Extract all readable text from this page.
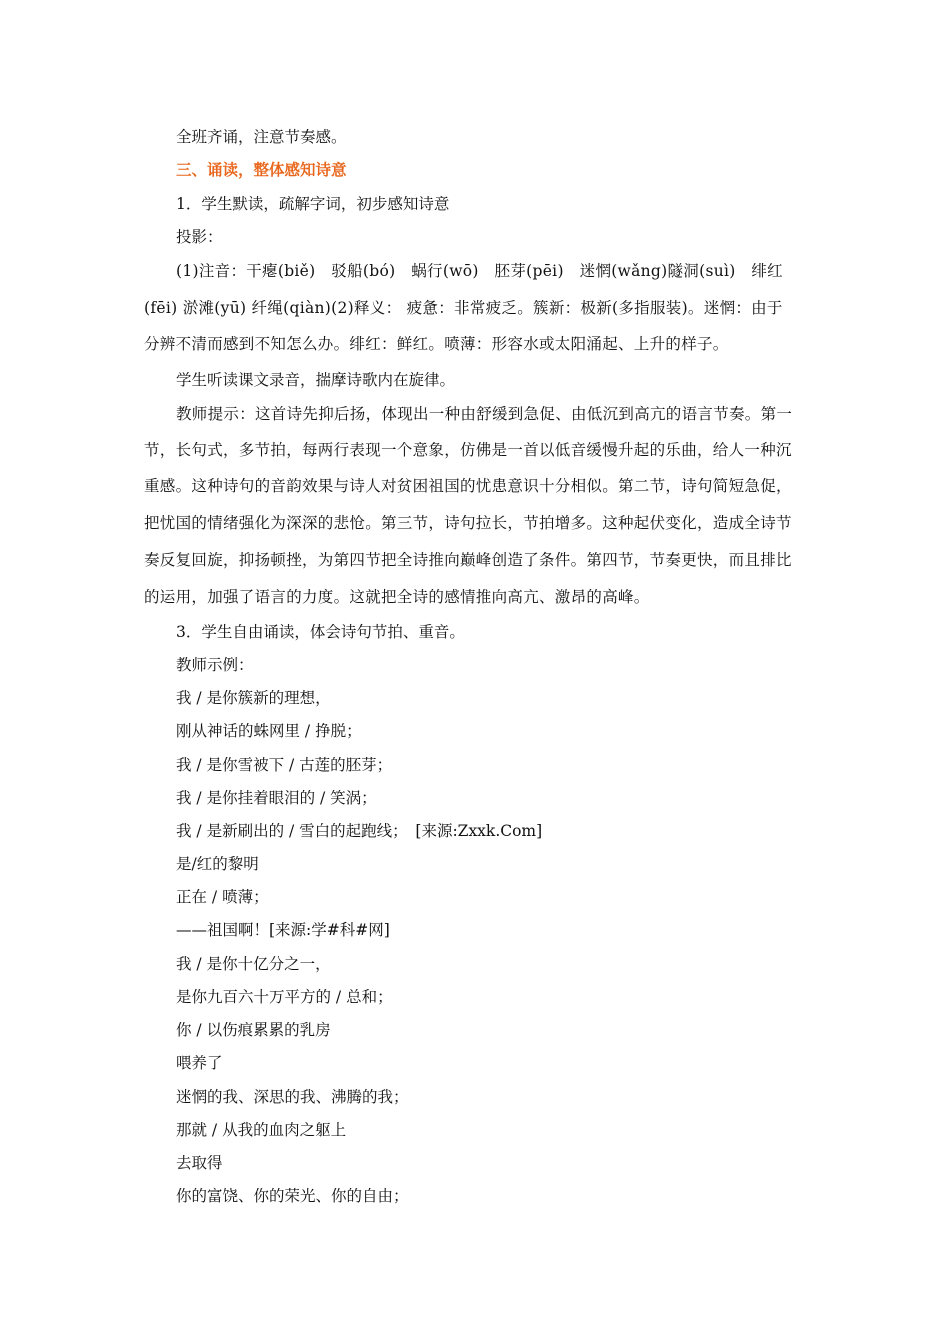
全班齐诵，注意节奏感。
三、诵读，整体感知诗意
1．学生默读，疏解字词，初步感知诗意
投影：
(1)注音：干瘪(biě)　驳船(bó)　蜗行(wō)　胚芽(pēi)　迷惘(wǎng)隧洞(suì)　绯红
(fēi) 淤滩(yū) 纤绳(qiàn)(2)释义： 疲惫：非常疲乏。簇新：极新(多指服装)。迷惘：由于
分辨不清而感到不知怎么办。绯红：鲜红。喷薄：形容水或太阳涌起、上升的样子。
学生听读课文录音，揣摩诗歌内在旋律。
教师提示：这首诗先抑后扬，体现出一种由舒缓到急促、由低沉到高亢的语言节奏。第一
节，长句式，多节拍，每两行表现一个意象，仿佛是一首以低音缓慢升起的乐曲，给人一种沉
重感。这种诗句的音韵效果与诗人对贫困祖国的忧患意识十分相似。第二节，诗句简短急促，
把忧国的情绪强化为深深的悲怆。第三节，诗句拉长，节拍增多。这种起伏变化，造成全诗节
奏反复回旋，抑扬顿挫，为第四节把全诗推向巅峰创造了条件。第四节，节奏更快，而且排比
的运用，加强了语言的力度。这就把全诗的感情推向高亢、激昂的高峰。
3．学生自由诵读，体会诗句节拍、重音。
教师示例：
我 / 是你簇新的理想，
刚从神话的蛛网里 / 挣脱；
我 / 是你雪被下 / 古莲的胚芽；
我 / 是你挂着眼泪的 / 笑涡；
我 / 是新刷出的 / 雪白的起跑线；　[来源:Zxxk.Com]
是/红的黎明
正在 / 喷薄；
——祖国啊！[来源:学#科#网]
我 / 是你十亿分之一，
是你九百六十万平方的 / 总和；
你 / 以伤痕累累的乳房
喂养了
迷惘的我、深思的我、沸腾的我；
那就 / 从我的血肉之躯上
去取得
你的富饶、你的荣光、你的自由；
